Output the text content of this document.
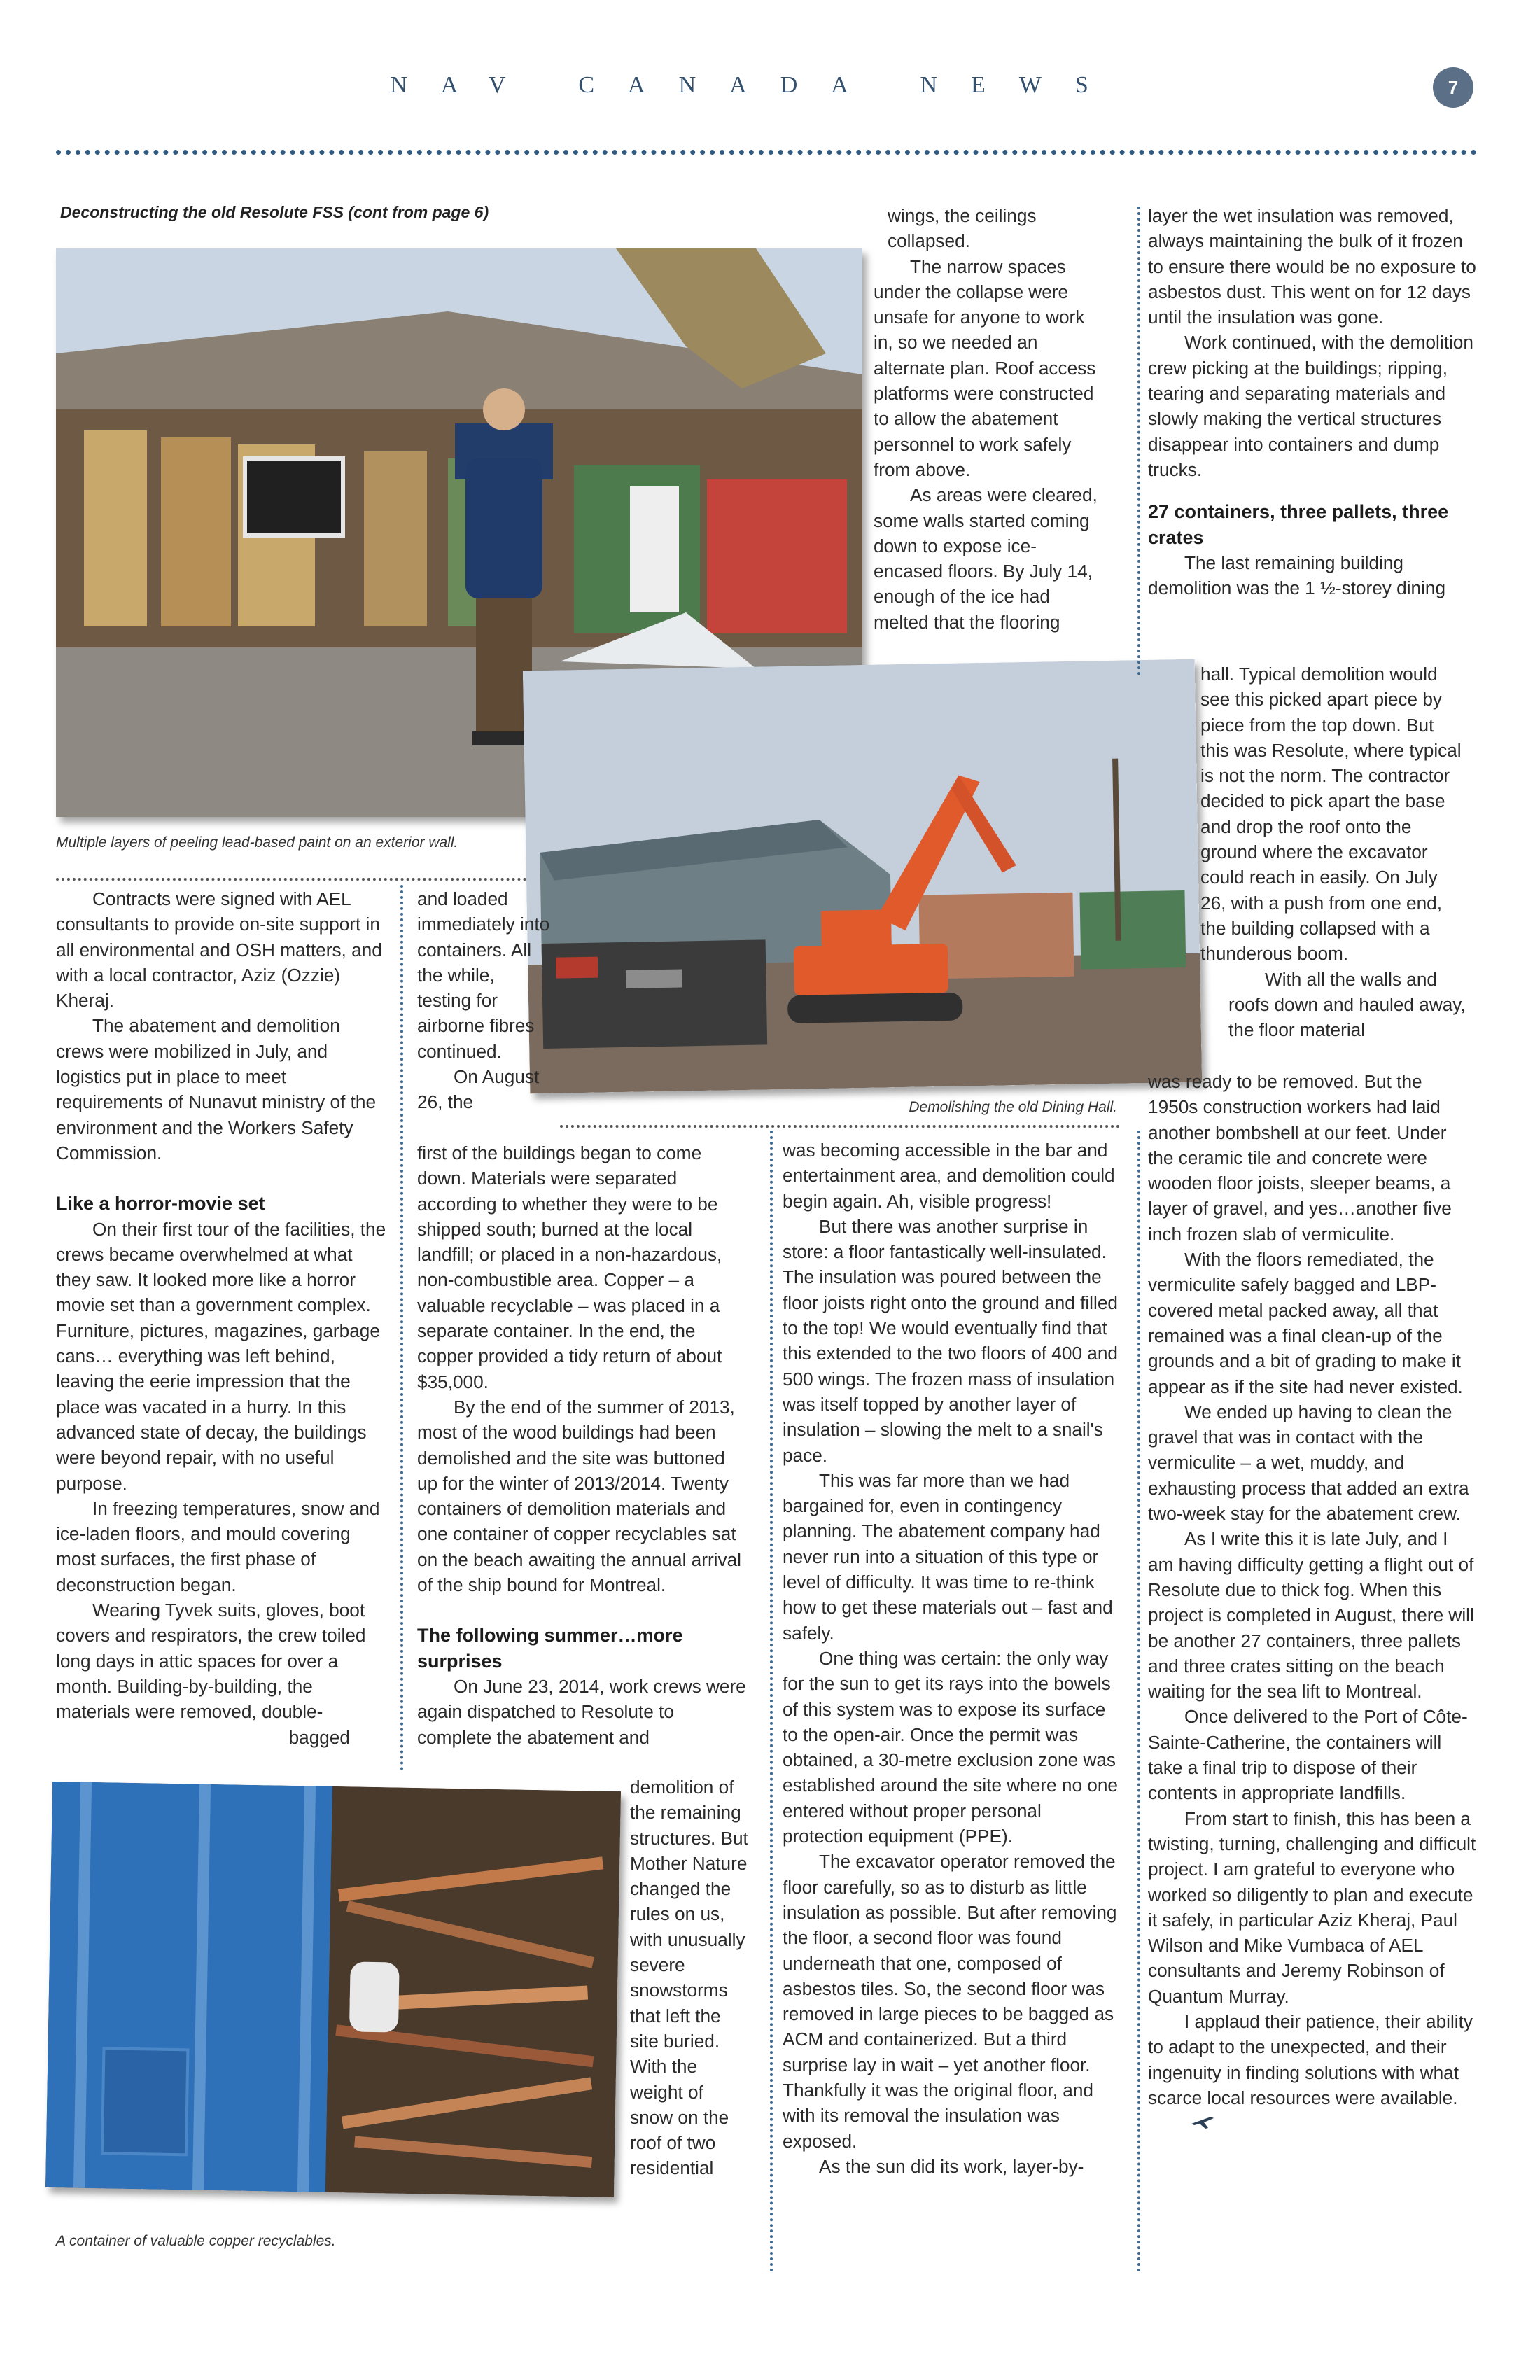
NAV CANADA NEWS	7
Deconstructing the old Resolute FSS (cont from page 6)
Multiple layers of peeling lead-based paint on an exterior wall.
Demolishing the old Dining Hall.
A container of valuable copper recyclables.

Contracts were signed with AEL consultants to provide on-site support in all environmental and OSH matters, and with a local contractor, Aziz (Ozzie) Kheraj.

The abatement and demolition crews were mobilized in July, and logistics put in place to meet requirements of Nunavut ministry of the environment and the Workers Safety Commission.

Like a horror-movie set

On their first tour of the facilities, the crews became overwhelmed at what they saw. It looked more like a horror movie set than a government complex. Furniture, pictures, magazines, garbage cans… everything was left behind, leaving the eerie impression that the place was vacated in a hurry. In this advanced state of decay, the buildings were beyond repair, with no useful purpose.

In freezing temperatures, snow and ice-laden floors, and mould covering most surfaces, the first phase of deconstruction began.

Wearing Tyvek suits, gloves, boot covers and respirators, the crew toiled long days in attic spaces for over a month. Building-by-building, the materials were removed, double-

bagged

and loaded immediately into containers. All the while, testing for airborne fibres continued.

On August 26, the

first of the buildings began to come down. Materials were separated according to whether they were to be shipped south; burned at the local landfill; or placed in a non-hazardous, non-combustible area. Copper – a valuable recyclable – was placed in a separate container. In the end, the copper provided a tidy return of about $35,000.

By the end of the summer of 2013, most of the wood buildings had been demolished and the site was buttoned up for the winter of 2013/2014. Twenty containers of demolition materials and one container of copper recyclables sat on the beach awaiting the annual arrival of the ship bound for Montreal.

The following summer…more surprises

On June 23, 2014, work crews were again dispatched to Resolute to complete the abatement and

demolition of the remaining structures. But Mother Nature changed the rules on us, with unusually severe snowstorms that left the site buried. With the weight of snow on the roof of two residential

wings, the ceilings collapsed.

The narrow spaces under the collapse were unsafe for anyone to work in, so we needed an alternate plan. Roof access platforms were constructed to allow the abatement personnel to work safely from above.

As areas were cleared, some walls started coming down to expose ice-encased floors. By July 14, enough of the ice had melted that the flooring

was becoming accessible in the bar and entertainment area, and demolition could begin again. Ah, visible progress!

But there was another surprise in store: a floor fantastically well-insulated. The insulation was poured between the floor joists right onto the ground and filled to the top! We would eventually find that this extended to the two floors of 400 and 500 wings. The frozen mass of insulation was itself topped by another layer of insulation – slowing the melt to a snail's pace.

This was far more than we had bargained for, even in contingency planning. The abatement company had never run into a situation of this type or level of difficulty. It was time to re-think how to get these materials out – fast and safely.

One thing was certain: the only way for the sun to get its rays into the bowels of this system was to expose its surface to the open-air. Once the permit was obtained, a 30-metre exclusion zone was established around the site where no one entered without proper personal protection equipment (PPE).

The excavator operator removed the floor carefully, so as to disturb as little insulation as possible. But after removing the floor, a second floor was found underneath that one, composed of asbestos tiles. So, the second floor was removed in large pieces to be bagged as ACM and containerized. But a third surprise lay in wait – yet another floor. Thankfully it was the original floor, and with its removal the insulation was exposed.

As the sun did its work, layer-by-

layer the wet insulation was removed, always maintaining the bulk of it frozen to ensure there would be no exposure to asbestos dust. This went on for 12 days until the insulation was gone.

Work continued, with the demolition crew picking at the buildings; ripping, tearing and separating materials and slowly making the vertical structures disappear into containers and dump trucks.

27 containers, three pallets, three crates

The last remaining building demolition was the 1 ½-storey dining

hall. Typical demolition would see this picked apart piece by piece from the top down. But this was Resolute, where typical is not the norm. The contractor decided to pick apart the base and drop the roof onto the ground where the excavator could reach in easily. On July 26, with a push from one end, the building collapsed with a thunderous boom.

With all the walls and roofs down and hauled away, the floor material

was ready to be removed. But the 1950s construction workers had laid another bombshell at our feet. Under the ceramic tile and concrete were wooden floor joists, sleeper beams, a layer of gravel, and yes…another five inch frozen slab of vermiculite.

With the floors remediated, the vermiculite safely bagged and LBP-covered metal packed away, all that remained was a final clean-up of the grounds and a bit of grading to make it appear as if the site had never existed.

We ended up having to clean the gravel that was in contact with the vermiculite – a wet, muddy, and exhausting process that added an extra two-week stay for the abatement crew.

As I write this it is late July, and I am having difficulty getting a flight out of Resolute due to thick fog. When this project is completed in August, there will be another 27 containers, three pallets and three crates sitting on the beach waiting for the sea lift to Montreal.

Once delivered to the Port of Côte-Sainte-Catherine, the containers will take a final trip to dispose of their contents in appropriate landfills.

From start to finish, this has been a twisting, turning, challenging and difficult project. I am grateful to everyone who worked so diligently to plan and execute it safely, in particular Aziz Kheraj, Paul Wilson and Mike Vumbaca of AEL consultants and Jeremy Robinson of Quantum Murray.

I applaud their patience, their ability to adapt to the unexpected, and their ingenuity in finding solutions with what scarce local resources were available.
